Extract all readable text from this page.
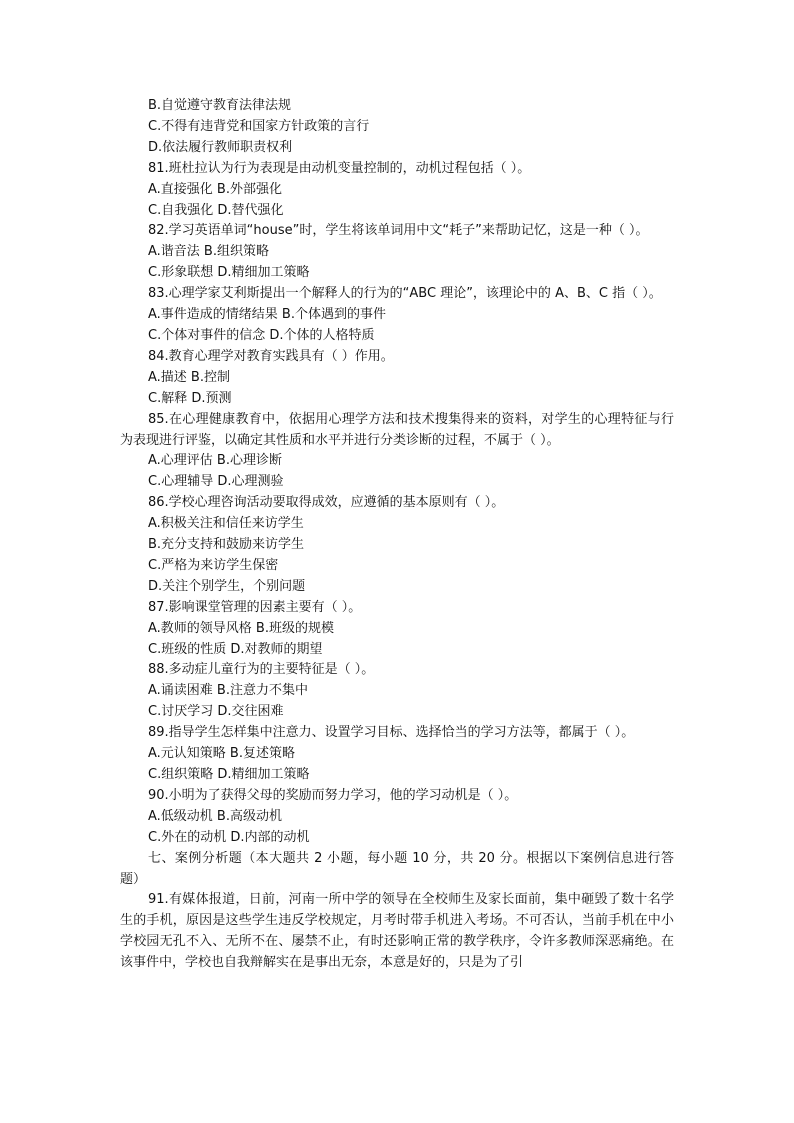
B.自觉遵守教育法律法规

C.不得有违背党和国家方针政策的言行

D.依法履行教师职责权利

81.班杜拉认为行为表现是由动机变量控制的，动机过程包括（ ）。

A.直接强化 B.外部强化

C.自我强化 D.替代强化

82.学习英语单词“house”时，学生将该单词用中文“耗子”来帮助记忆，这是一种（ ）。

A.谐音法 B.组织策略

C.形象联想 D.精细加工策略

83.心理学家艾利斯提出一个解释人的行为的“ABC 理论”，该理论中的 A、B、C 指（ ）。

A.事件造成的情绪结果 B.个体遇到的事件

C.个体对事件的信念 D.个体的人格特质

84.教育心理学对教育实践具有（ ）作用。

A.描述 B.控制

C.解释 D.预测

85.在心理健康教育中，依据用心理学方法和技术搜集得来的资料，对学生的心理特征与行为表现进行评鉴，以确定其性质和水平并进行分类诊断的过程，不属于（ ）。

A.心理评估 B.心理诊断

C.心理辅导 D.心理测验

86.学校心理咨询活动要取得成效，应遵循的基本原则有（ ）。

A.积极关注和信任来访学生

B.充分支持和鼓励来访学生

C.严格为来访学生保密

D.关注个别学生，个别问题

87.影响课堂管理的因素主要有（ ）。

A.教师的领导风格 B.班级的规模

C.班级的性质 D.对教师的期望

88.多动症儿童行为的主要特征是（ ）。

A.诵读困难 B.注意力不集中

C.讨厌学习 D.交往困难

89.指导学生怎样集中注意力、设置学习目标、选择恰当的学习方法等，都属于（ ）。

A.元认知策略 B.复述策略

C.组织策略 D.精细加工策略

90.小明为了获得父母的奖励而努力学习，他的学习动机是（ ）。

A.低级动机 B.高级动机

C.外在的动机 D.内部的动机

七、案例分析题（本大题共 2 小题，每小题 10 分，共 20 分。根据以下案例信息进行答题）

91.有媒体报道，日前，河南一所中学的领导在全校师生及家长面前，集中砸毁了数十名学生的手机，原因是这些学生违反学校规定，月考时带手机进入考场。不可否认，当前手机在中小学校园无孔不入、无所不在、屡禁不止，有时还影响正常的教学秩序，令许多教师深恶痛绝。在该事件中，学校也自我辩解实在是事出无奈，本意是好的，只是为了引
